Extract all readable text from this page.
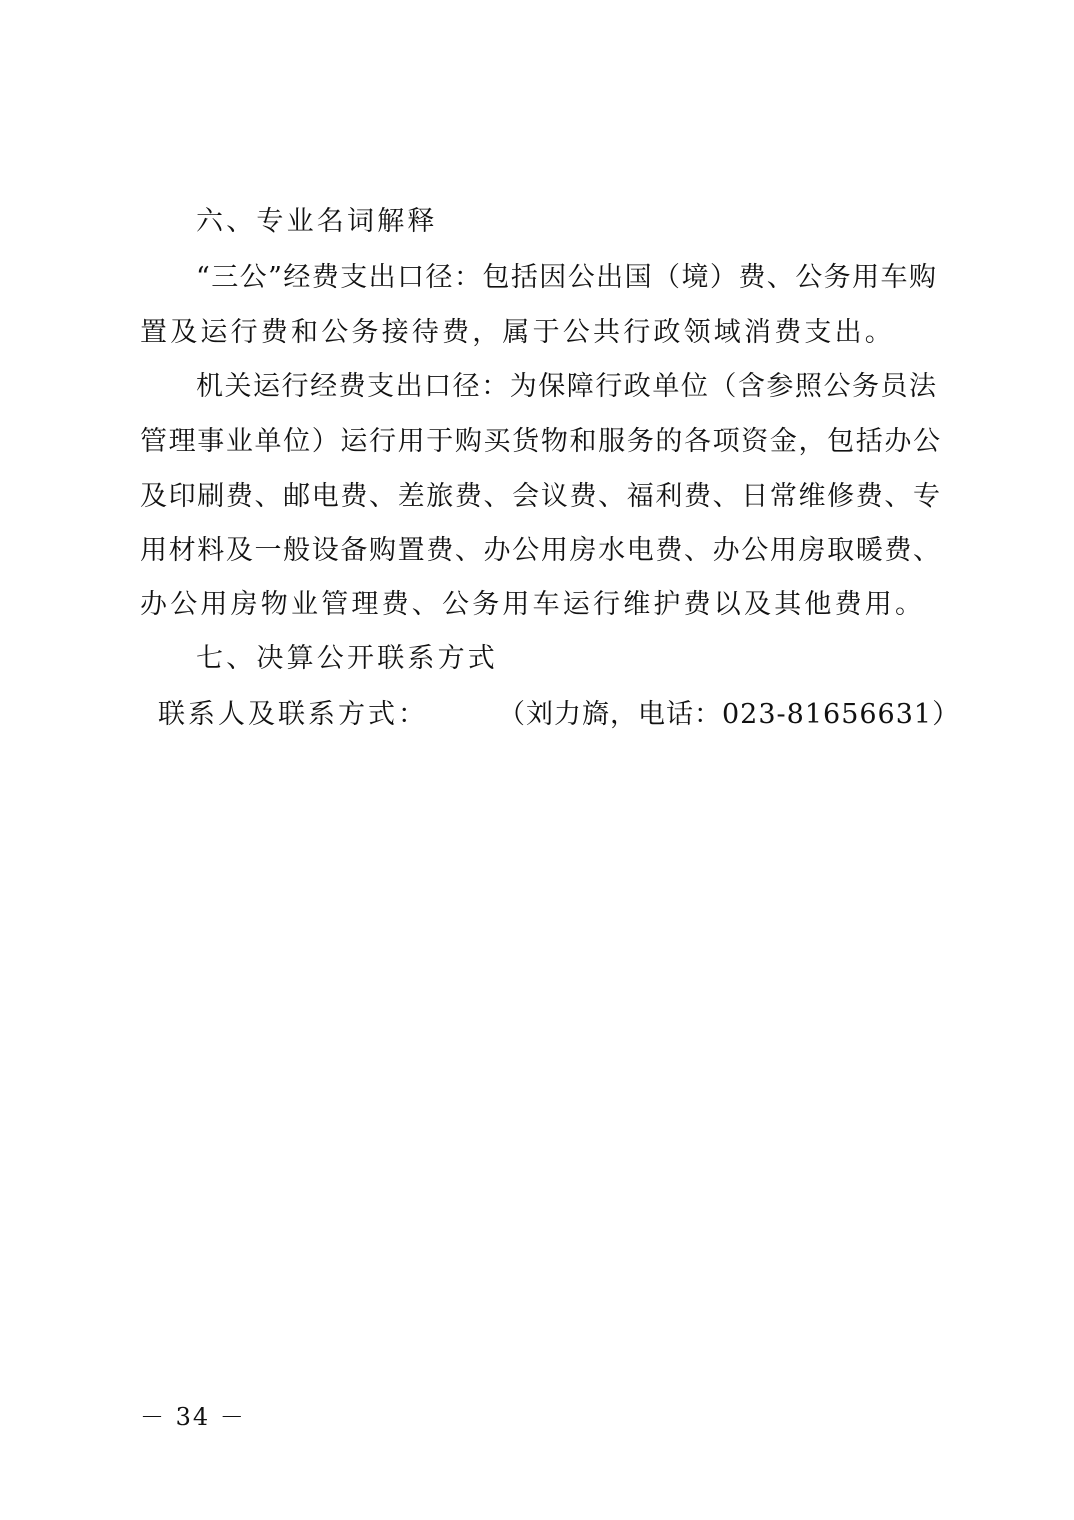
六、专业名词解释
“三公”经费支出口径：包括因公出国（境）费、公务用车购
置及运行费和公务接待费，属于公共行政领域消费支出。
机关运行经费支出口径：为保障行政单位（含参照公务员法
管理事业单位）运行用于购买货物和服务的各项资金，包括办公
及印刷费、邮电费、差旅费、会议费、福利费、日常维修费、专
用材料及一般设备购置费、办公用房水电费、办公用房取暖费、
办公用房物业管理费、公务用车运行维护费以及其他费用。
七、决算公开联系方式
联系人及联系方式：	（刘力旖，电话：023-81656631）
－ 34 －
